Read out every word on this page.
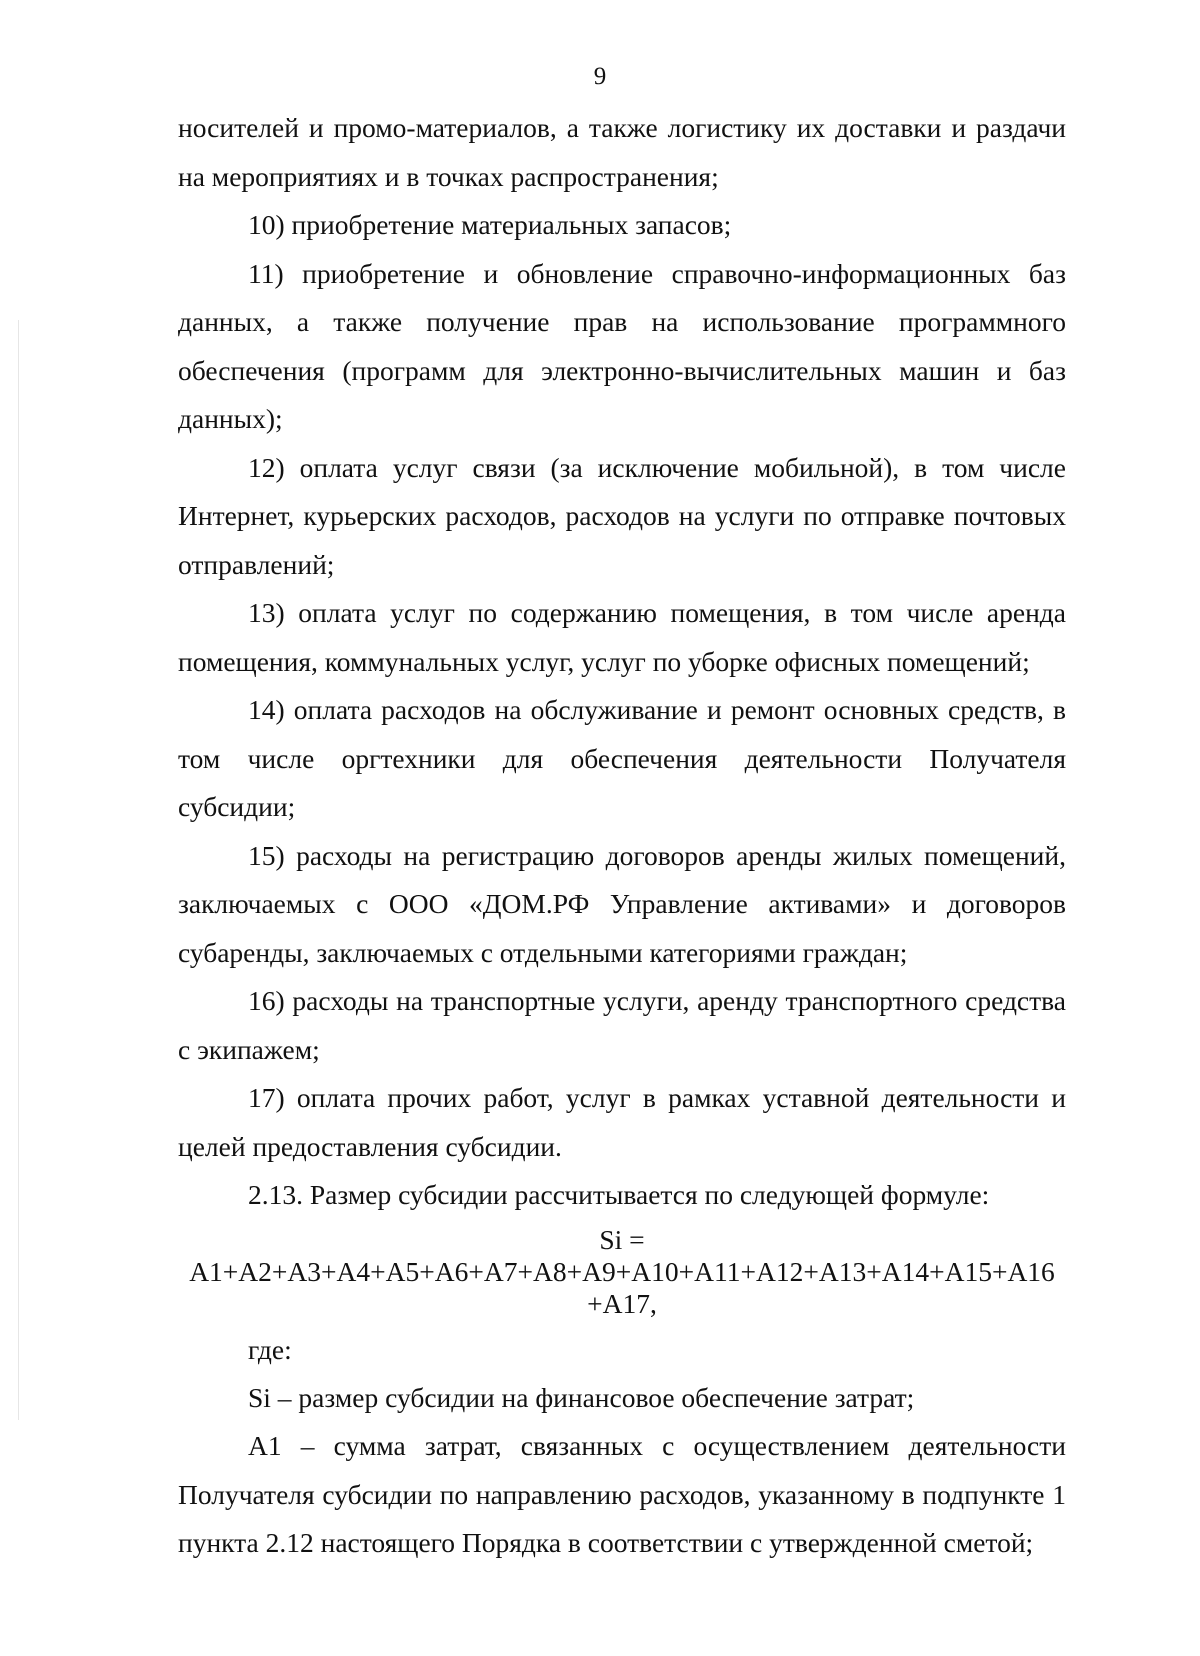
9

носителей и промо-материалов, а также логистику их доставки и раздачи на мероприятиях и в точках распространения;

10) приобретение материальных запасов;

11) приобретение и обновление справочно-информационных баз данных, а также получение прав на использование программного обеспечения (программ для электронно-вычислительных машин и баз данных);

12) оплата услуг связи (за исключение мобильной), в том числе Интернет, курьерских расходов, расходов на услуги по отправке почтовых отправлений;

13) оплата услуг по содержанию помещения, в том числе аренда помещения, коммунальных услуг, услуг по уборке офисных помещений;

14) оплата расходов на обслуживание и ремонт основных средств, в том числе оргтехники для обеспечения деятельности Получателя субсидии;

15) расходы на регистрацию договоров аренды жилых помещений, заключаемых с ООО «ДОМ.РФ Управление активами» и договоров субаренды, заключаемых с отдельными категориями граждан;

16) расходы на транспортные услуги, аренду транспортного средства с экипажем;

17) оплата прочих работ, услуг в рамках уставной деятельности и целей предоставления субсидии.

2.13. Размер субсидии рассчитывается по следующей формуле:

Si =
A1+A2+A3+A4+A5+A6+A7+A8+A9+A10+A11+A12+A13+A14+A15+A16
+A17,

где:

Si – размер субсидии на финансовое обеспечение затрат;

A1 – сумма затрат, связанных с осуществлением деятельности Получателя субсидии по направлению расходов, указанному в подпункте 1 пункта 2.12 настоящего Порядка в соответствии с утвержденной сметой;
